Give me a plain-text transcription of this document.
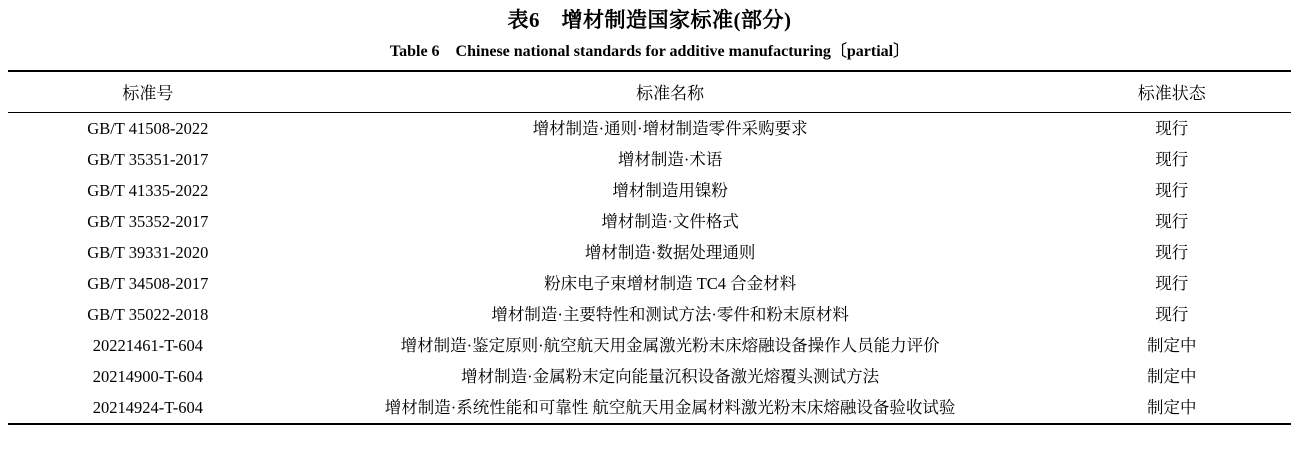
表6　增材制造国家标准(部分)
Table 6　Chinese national standards for additive manufacturing〔partial〕
标准号	标准名称	标准状态
GB/T 41508-2022	增材制造·通则·增材制造零件采购要求	现行
GB/T 35351-2017	增材制造·术语	现行
GB/T 41335-2022	增材制造用镍粉	现行
GB/T 35352-2017	增材制造·文件格式	现行
GB/T 39331-2020	增材制造·数据处理通则	现行
GB/T 34508-2017	粉床电子束增材制造 TC4 合金材料	现行
GB/T 35022-2018	增材制造·主要特性和测试方法·零件和粉末原材料	现行
20221461-T-604	增材制造·鉴定原则·航空航天用金属激光粉末床熔融设备操作人员能力评价	制定中
20214900-T-604	增材制造·金属粉末定向能量沉积设备激光熔覆头测试方法	制定中
20214924-T-604	增材制造·系统性能和可靠性 航空航天用金属材料激光粉末床熔融设备验收试验	制定中
